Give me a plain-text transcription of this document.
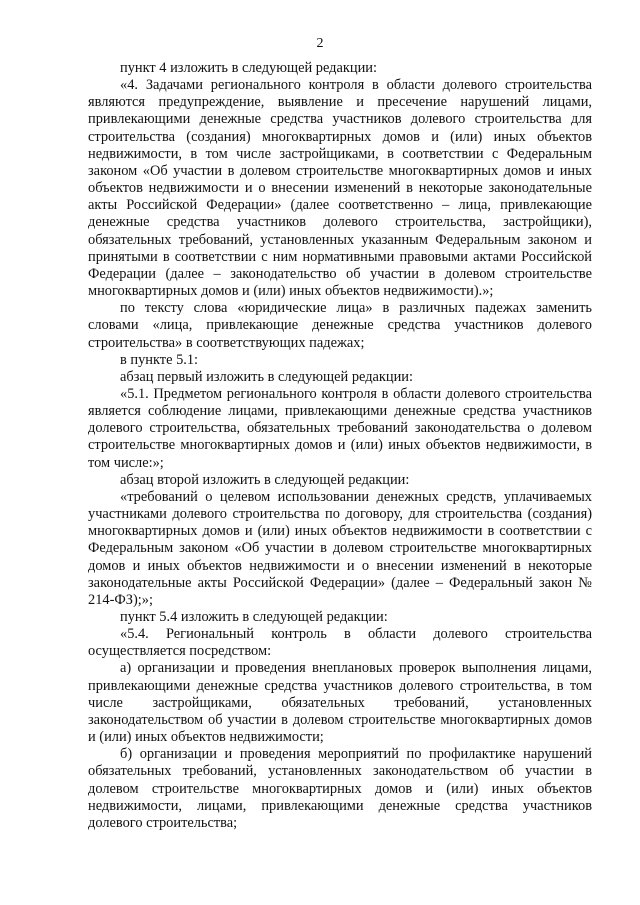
2

пункт 4 изложить в следующей редакции:

«4. Задачами регионального контроля в области долевого строительства являются предупреждение, выявление и пресечение нарушений лицами, привлекающими денежные средства участников долевого строительства для строительства (создания) многоквартирных домов и (или) иных объектов недвижимости, в том числе застройщиками, в соответствии с Федеральным законом «Об участии в долевом строительстве многоквартирных домов и иных объектов недвижимости и о внесении изменений в некоторые законодательные акты Российской Федерации» (далее соответственно – лица, привлекающие денежные средства участников долевого строительства, застройщики), обязательных требований, установленных указанным Федеральным законом и принятыми в соответствии с ним нормативными правовыми актами Российской Федерации (далее – законодательство об участии в долевом строительстве многоквартирных домов и (или) иных объектов недвижимости).»;

по тексту слова «юридические лица» в различных падежах заменить словами «лица, привлекающие денежные средства участников долевого строительства» в соответствующих падежах;

в пункте 5.1:

абзац первый изложить в следующей редакции:

«5.1. Предметом регионального контроля в области долевого строительства является соблюдение лицами, привлекающими денежные средства участников долевого строительства, обязательных требований законодательства о долевом строительстве многоквартирных домов и (или) иных объектов недвижимости, в том числе:»;

абзац второй изложить в следующей редакции:

«требований о целевом использовании денежных средств, уплачиваемых участниками долевого строительства по договору, для строительства (создания) многоквартирных домов и (или) иных объектов недвижимости в соответствии с Федеральным законом «Об участии в долевом строительстве многоквартирных домов и иных объектов недвижимости и о внесении изменений в некоторые законодательные акты Российской Федерации» (далее – Федеральный закон № 214-ФЗ);»;

пункт 5.4 изложить в следующей редакции:

«5.4. Региональный контроль в области долевого строительства осуществляется посредством:

а) организации и проведения внеплановых проверок выполнения лицами, привлекающими денежные средства участников долевого строительства, в том числе застройщиками, обязательных требований, установленных законодательством об участии в долевом строительстве многоквартирных домов и (или) иных объектов недвижимости;

б) организации и проведения мероприятий по профилактике нарушений обязательных требований, установленных законодательством об участии в долевом строительстве многоквартирных домов и (или) иных объектов недвижимости, лицами, привлекающими денежные средства участников долевого строительства;
